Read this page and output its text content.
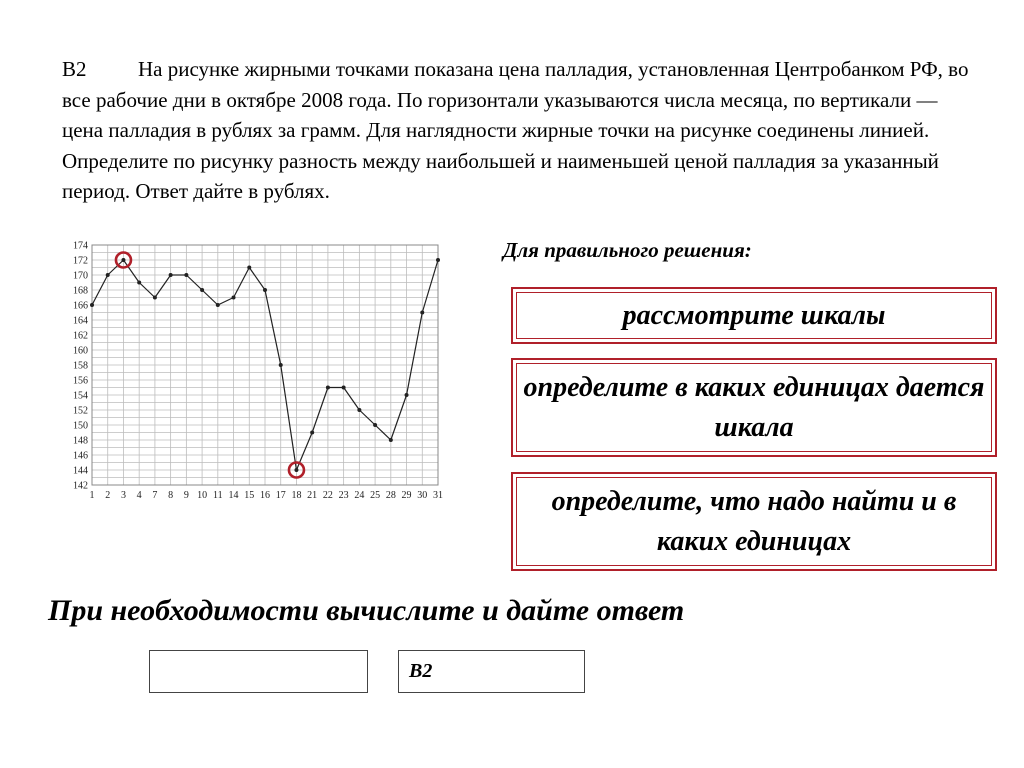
В2 На рисунке жирными точками показана цена палладия, установленная Центробанком РФ, во все рабочие дни в октябре 2008 года. По горизонтали указываются числа месяца, по вертикали — цена палладия в рублях за грамм. Для наглядности жирные точки на рисунке соединены линией. Определите по рисунку разность между наибольшей и наименьшей ценой палладия за указанный период. Ответ дайте в рублях.

142
144
146
148
150
152
154
156
158
160
162
164
166
168
170
172
174
1 2 3 4 7 8 9 10 11 14 15 16 17 18 21 22 23 24 25 28 29 30 31

Для правильного решения:

рассмотрите шкалы
определите в каких единицах дается шкала
определите, что надо найти и в каких единицах

При необходимости вычислите и дайте ответ

В2
